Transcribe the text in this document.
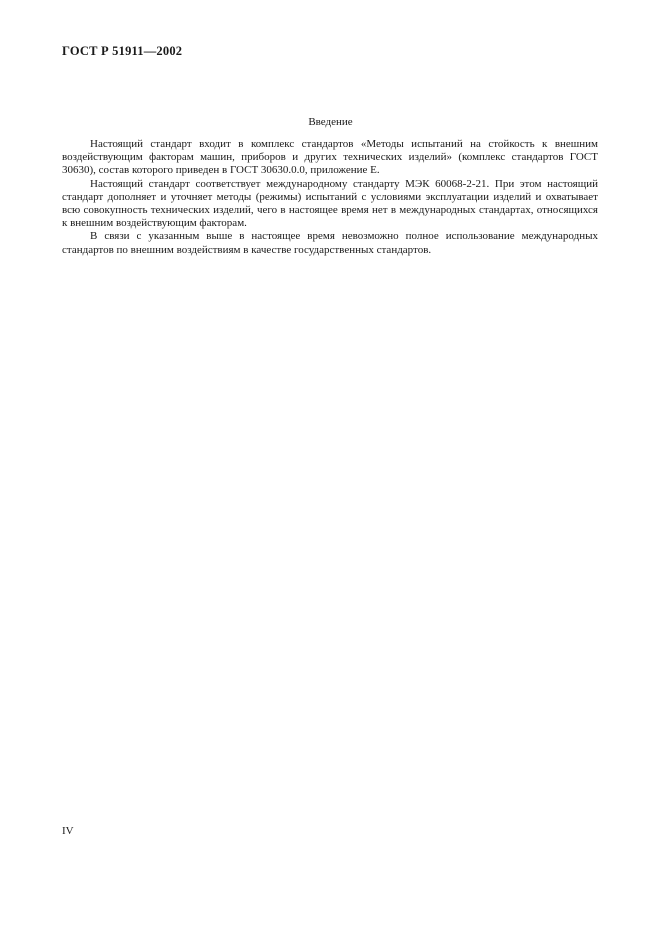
ГОСТ Р 51911—2002
Введение

Настоящий стандарт входит в комплекс стандартов «Методы испытаний на стойкость к внешним воздействующим факторам машин, приборов и других технических изделий» (комплекс стандартов ГОСТ 30630), состав которого приведен в ГОСТ 30630.0.0, приложение Е.

Настоящий стандарт соответствует международному стандарту МЭК 60068-2-21. При этом настоящий стандарт дополняет и уточняет методы (режимы) испытаний с условиями эксплуатации изделий и охватывает всю совокупность технических изделий, чего в настоящее время нет в международных стандартах, относящихся к внешним воздействующим факторам.

В связи с указанным выше в настоящее время невозможно полное использование международных стандартов по внешним воздействиям в качестве государственных стандартов.

IV
